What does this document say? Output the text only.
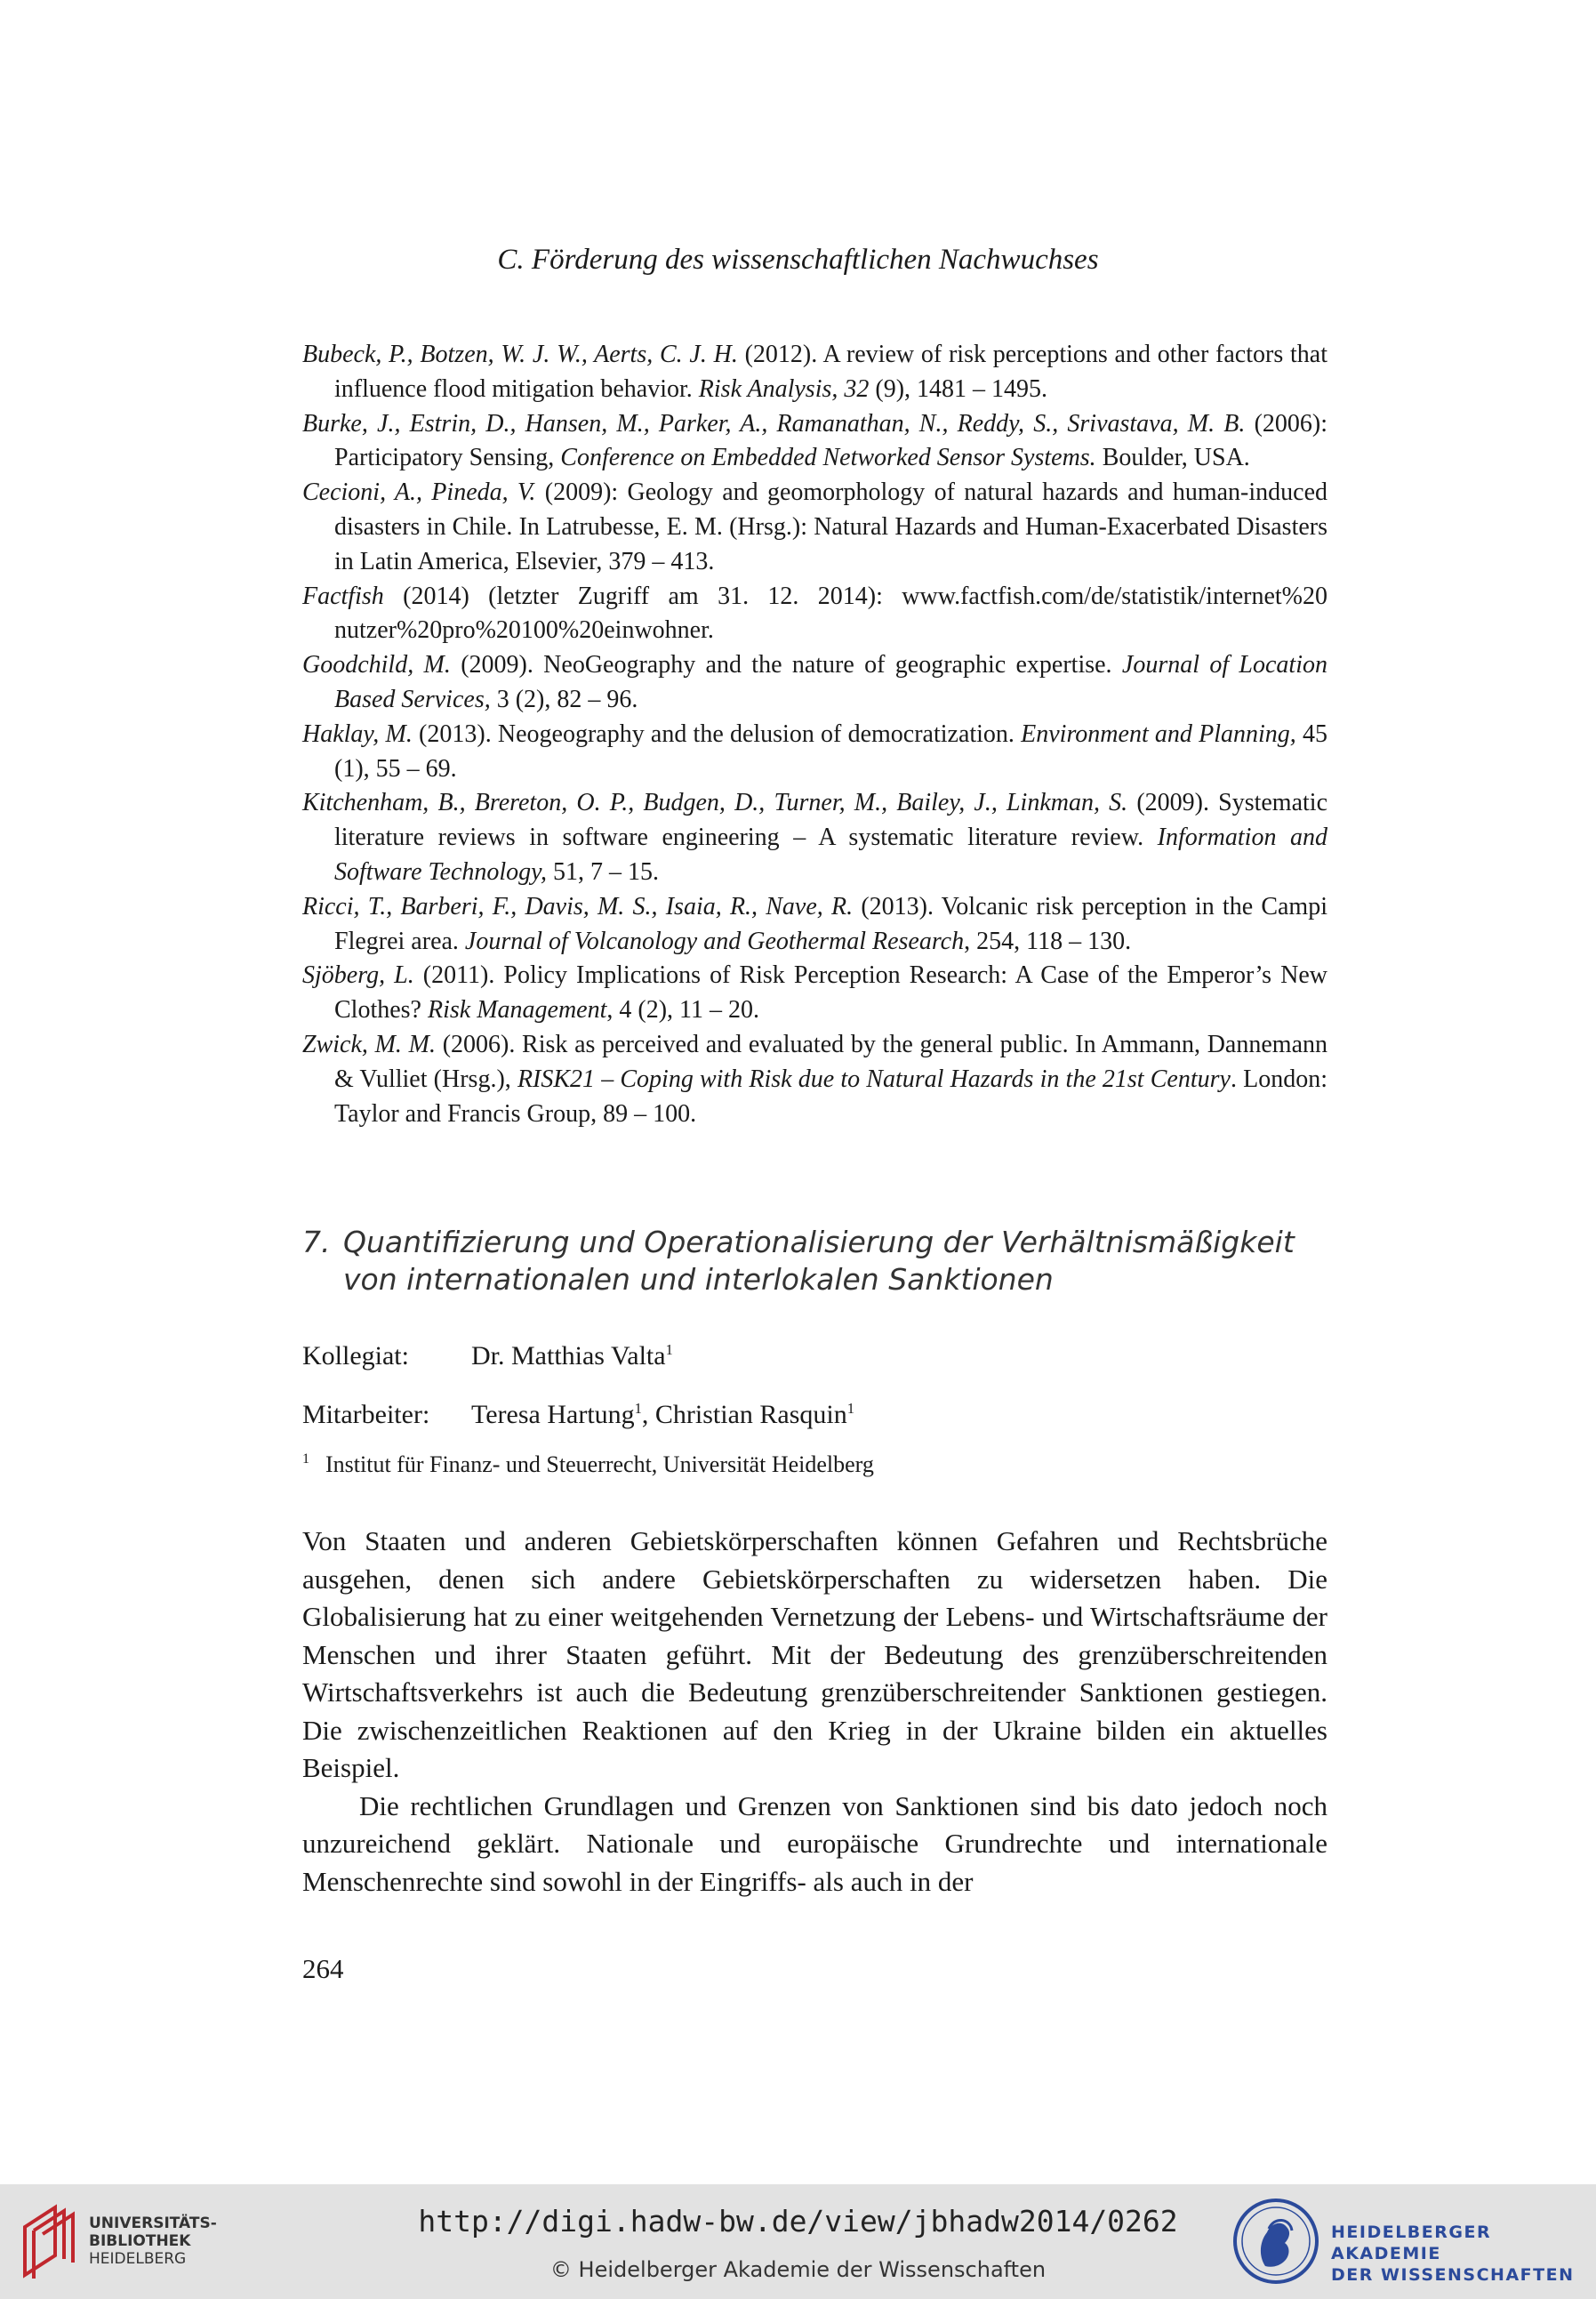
C. Förderung des wissenschaftlichen Nachwuchses
Bubeck, P., Botzen, W. J. W., Aerts, C. J. H. (2012). A review of risk perceptions and other factors that influence flood mitigation behavior. Risk Analysis, 32 (9), 1481 – 1495.
Burke, J., Estrin, D., Hansen, M., Parker, A., Ramanathan, N., Reddy, S., Srivastava, M. B. (2006): Participatory Sensing, Conference on Embedded Networked Sensor Systems. Boulder, USA.
Cecioni, A., Pineda, V. (2009): Geology and geomorphology of natural hazards and human-induced disasters in Chile. In Latrubesse, E. M. (Hrsg.): Natural Hazards and Human-Exacerbated Disasters in Latin America, Elsevier, 379 – 413.
Factfish (2014) (letzter Zugriff am 31. 12. 2014): www.factfish.com/de/statistik/internet%20 nutzer%20pro%20100%20einwohner.
Goodchild, M. (2009). NeoGeography and the nature of geographic expertise. Journal of Location Based Services, 3 (2), 82 – 96.
Haklay, M. (2013). Neogeography and the delusion of democratization. Environment and Planning, 45 (1), 55 – 69.
Kitchenham, B., Brereton, O. P., Budgen, D., Turner, M., Bailey, J., Linkman, S. (2009). Systematic literature reviews in software engineering – A systematic literature review. Information and Software Technology, 51, 7 – 15.
Ricci, T., Barberi, F., Davis, M. S., Isaia, R., Nave, R. (2013). Volcanic risk perception in the Campi Flegrei area. Journal of Volcanology and Geothermal Research, 254, 118 – 130.
Sjöberg, L. (2011). Policy Implications of Risk Perception Research: A Case of the Emperor’s New Clothes? Risk Management, 4 (2), 11 – 20.
Zwick, M. M. (2006). Risk as perceived and evaluated by the general public. In Ammann, Dannemann & Vulliet (Hrsg.), RISK21 – Coping with Risk due to Natural Hazards in the 21st Century. London: Taylor and Francis Group, 89 – 100.
7. Quantifizierung und Operationalisierung der Verhältnismäßigkeit von internationalen und interlokalen Sanktionen
Kollegiat: Dr. Matthias Valta$^1$
Mitarbeiter: Teresa Hartung$^1$, Christian Rasquin$^1$
$^1$ Institut für Finanz- und Steuerrecht, Universität Heidelberg

Von Staaten und anderen Gebietskörperschaften können Gefahren und Rechtsbrüche ausgehen, denen sich andere Gebietskörperschaften zu widersetzen haben. Die Globalisierung hat zu einer weitgehenden Vernetzung der Lebens- und Wirtschaftsräume der Menschen und ihrer Staaten geführt. Mit der Bedeutung des grenzüberschreitenden Wirtschaftsverkehrs ist auch die Bedeutung grenzüberschreitender Sanktionen gestiegen. Die zwischenzeitlichen Reaktionen auf den Krieg in der Ukraine bilden ein aktuelles Beispiel.

Die rechtlichen Grundlagen und Grenzen von Sanktionen sind bis dato jedoch noch unzureichend geklärt. Nationale und europäische Grundrechte und internationale Menschenrechte sind sowohl in der Eingriffs- als auch in der

264
UNIVERSITÄTS-
BIBLIOTHEK
HEIDELBERG
http://digi.hadw-bw.de/view/jbhadw2014/0262
© Heidelberger Akademie der Wissenschaften
HEIDELBERGER AKADEMIE
DER WISSENSCHAFTEN
